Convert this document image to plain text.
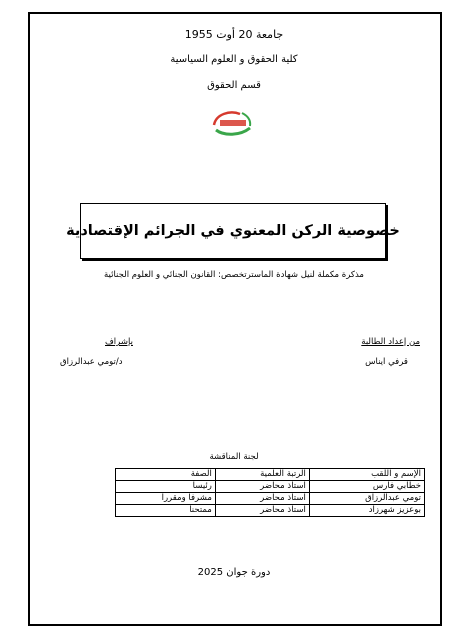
جامعة 20 أوت 1955
كلية الحقوق و العلوم السياسية
قسم الحقوق
خصوصية الركن المعنوي في الجرائم الإقتصادية
مذكرة مكملة لنيل شهادة الماسترتخصص: القانون الجنائي و العلوم الجنائية
من إعداد الطالبة
بإشراف
قرفي ايناس
د/تومي عبدالرزاق
لجنة المناقشة
الإسم و اللقب	الرتبة العلمية	الصفة
خطابي فارس	استاذ محاضر	رئيسا
تومي عبدالرزاق	استاذ محاضر	مشرفا ومقررا
بوعزيز شهرزاد	استاذ محاضر	ممتحنا
دورة جوان 2025
